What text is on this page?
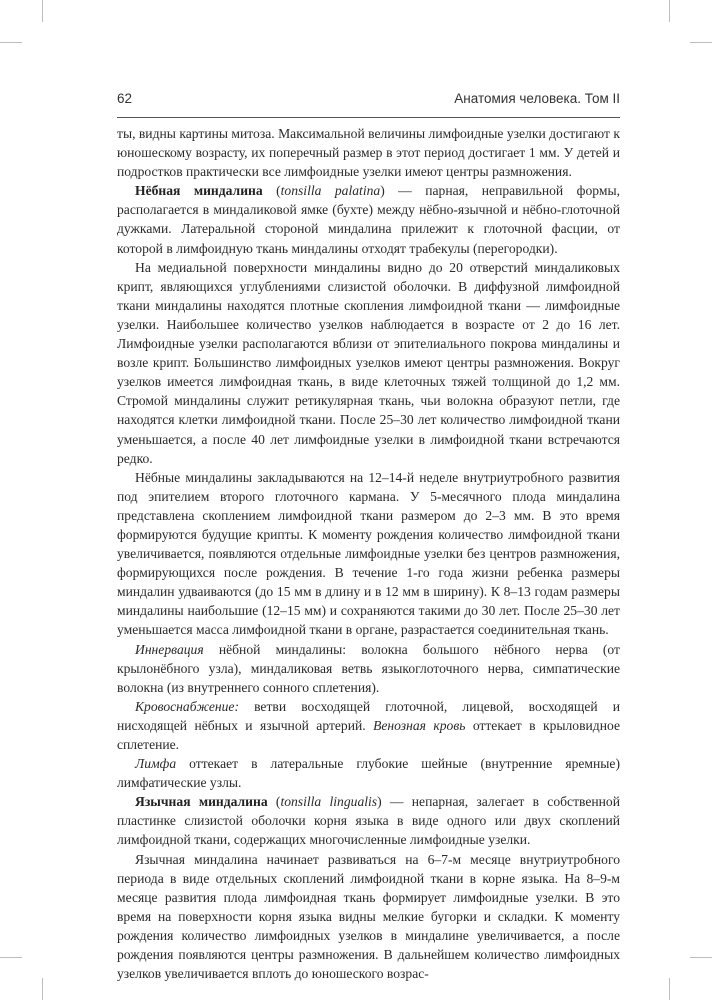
62	Анатомия человека. Том II

ты, видны картины митоза. Максимальной величины лимфоидные узелки достигают к юношескому возрасту, их поперечный размер в этот период достигает 1 мм. У детей и подростков практически все лимфоидные узелки имеют центры размножения.

Нёбная миндалина (tonsilla palatina) — парная, неправильной формы, располагается в миндаликовой ямке (бухте) между нёбно-язычной и нёбно-глоточной дужками. Латеральной стороной миндалина прилежит к глоточной фасции, от которой в лимфоидную ткань миндалины отходят трабекулы (перегородки).

На медиальной поверхности миндалины видно до 20 отверстий миндаликовых крипт, являющихся углублениями слизистой оболочки. В диффузной лимфоидной ткани миндалины находятся плотные скопления лимфоидной ткани — лимфоидные узелки. Наибольшее количество узелков наблюдается в возрасте от 2 до 16 лет. Лимфоидные узелки располагаются вблизи от эпителиального покрова миндалины и возле крипт. Большинство лимфоидных узелков имеют центры размножения. Вокруг узелков имеется лимфоидная ткань, в виде клеточных тяжей толщиной до 1,2 мм. Стромой миндалины служит ретикулярная ткань, чьи волокна образуют петли, где находятся клетки лимфоидной ткани. После 25–30 лет количество лимфоидной ткани уменьшается, а после 40 лет лимфоидные узелки в лимфоидной ткани встречаются редко.

Нёбные миндалины закладываются на 12–14-й неделе внутриутробного развития под эпителием второго глоточного кармана. У 5-месячного плода миндалина представлена скоплением лимфоидной ткани размером до 2–3 мм. В это время формируются будущие крипты. К моменту рождения количество лимфоидной ткани увеличивается, появляются отдельные лимфоидные узелки без центров размножения, формирующихся после рождения. В течение 1-го года жизни ребенка размеры миндалин удваиваются (до 15 мм в длину и в 12 мм в ширину). К 8–13 годам размеры миндалины наибольшие (12–15 мм) и сохраняются такими до 30 лет. После 25–30 лет уменьшается масса лимфоидной ткани в органе, разрастается соединительная ткань.

Иннервация нёбной миндалины: волокна большого нёбного нерва (от крылонёбного узла), миндаликовая ветвь языкоглоточного нерва, симпатические волокна (из внутреннего сонного сплетения).

Кровоснабжение: ветви восходящей глоточной, лицевой, восходящей и нисходящей нёбных и язычной артерий. Венозная кровь оттекает в крыловидное сплетение.

Лимфа оттекает в латеральные глубокие шейные (внутренние яремные) лимфатические узлы.

Язычная миндалина (tonsilla lingualis) — непарная, залегает в собственной пластинке слизистой оболочки корня языка в виде одного или двух скоплений лимфоидной ткани, содержащих многочисленные лимфоидные узелки.

Язычная миндалина начинает развиваться на 6–7-м месяце внутриутробного периода в виде отдельных скоплений лимфоидной ткани в корне языка. На 8–9-м месяце развития плода лимфоидная ткань формирует лимфоидные узелки. В это время на поверхности корня языка видны мелкие бугорки и складки. К моменту рождения количество лимфоидных узелков в миндалине увеличивается, а после рождения появляются центры размножения. В дальнейшем количество лимфоидных узелков увеличивается вплоть до юношеского возрас-
